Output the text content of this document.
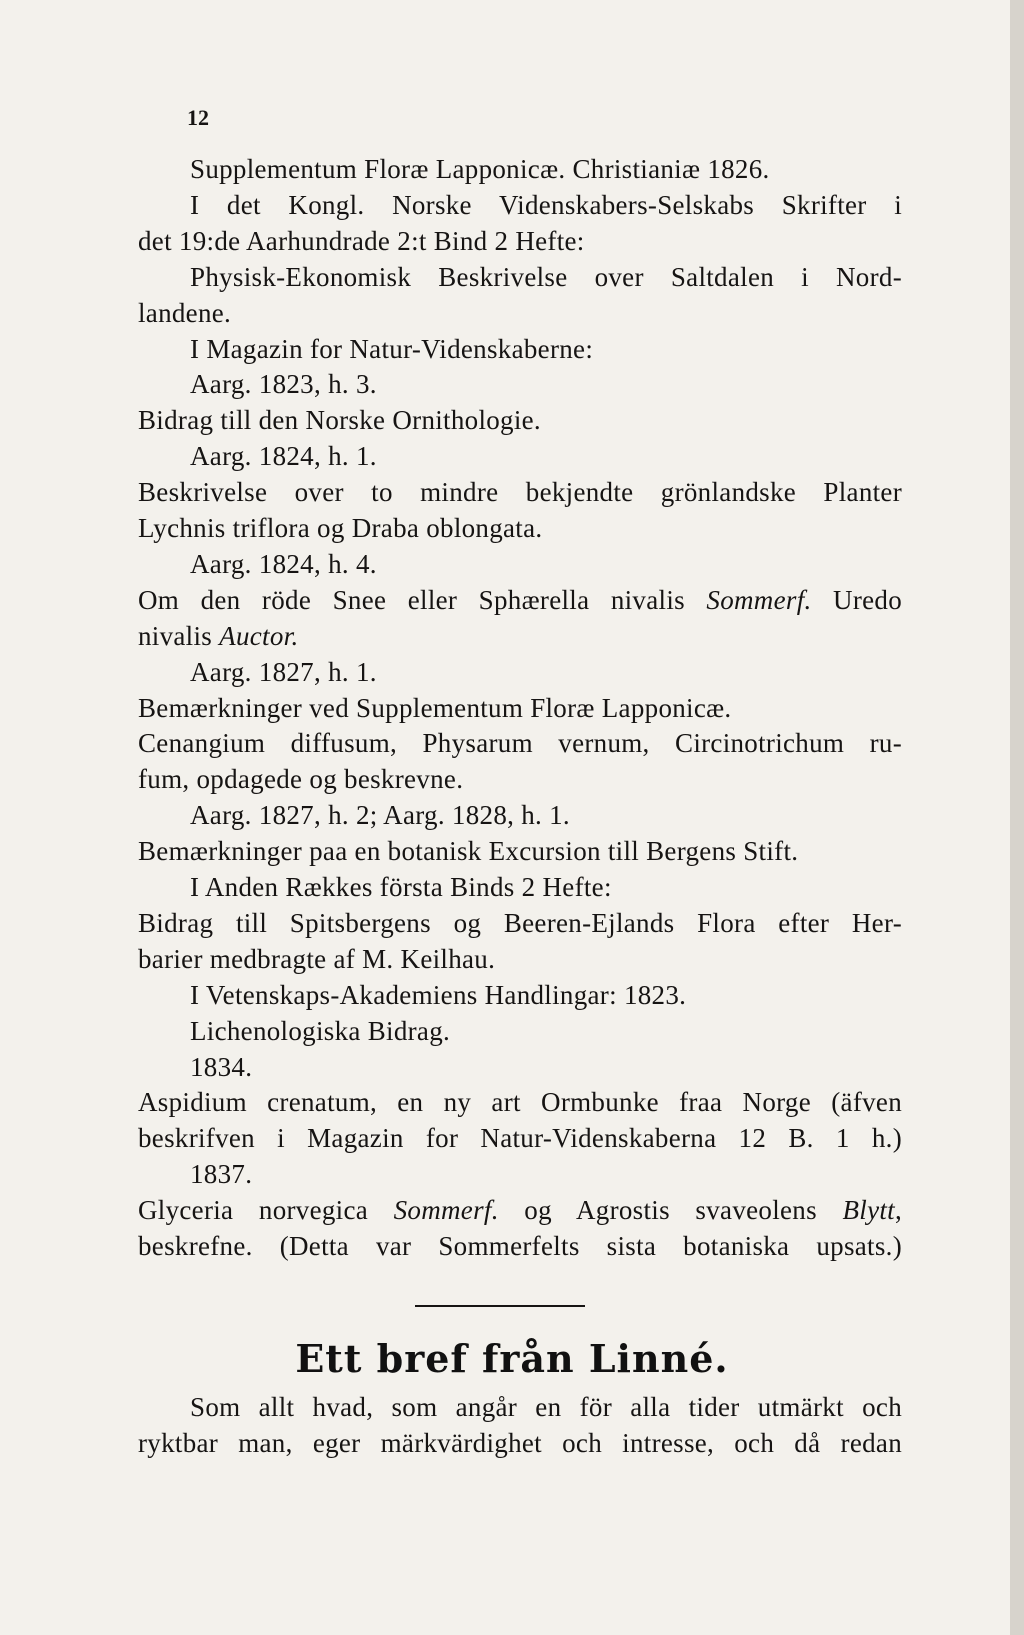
12
Supplementum Floræ Lapponicæ. Christianiæ 1826.
I det Kongl. Norske Videnskabers-Selskabs Skrifter i
det 19:de Aarhundrade 2:t Bind 2 Hefte:
Physisk-Ekonomisk Beskrivelse over Saltdalen i Nord-
landene.
I Magazin for Natur-Videnskaberne:
Aarg. 1823, h. 3.
Bidrag till den Norske Ornithologie.
Aarg. 1824, h. 1.
Beskrivelse over to mindre bekjendte grönlandske Planter
Lychnis triflora og Draba oblongata.
Aarg. 1824, h. 4.
Om den röde Snee eller Sphærella nivalis Sommerf. Uredo
nivalis Auctor.
Aarg. 1827, h. 1.
Bemærkninger ved Supplementum Floræ Lapponicæ.
Cenangium diffusum, Physarum vernum, Circinotrichum ru-
fum, opdagede og beskrevne.
Aarg. 1827, h. 2; Aarg. 1828, h. 1.
Bemærkninger paa en botanisk Excursion till Bergens Stift.
I Anden Rækkes första Binds 2 Hefte:
Bidrag till Spitsbergens og Beeren-Ejlands Flora efter Her-
barier medbragte af M. Keilhau.
I Vetenskaps-Akademiens Handlingar: 1823.
Lichenologiska Bidrag.
1834.
Aspidium crenatum, en ny art Ormbunke fraa Norge (äfven
beskrifven i Magazin for Natur-Videnskaberna 12 B. 1 h.)
1837.
Glyceria norvegica Sommerf. og Agrostis svaveolens Blytt,
beskrefne. (Detta var Sommerfelts sista botaniska upsats.)
Ett bref från Linné.
Som allt hvad, som angår en för alla tider utmärkt och
ryktbar man, eger märkvärdighet och intresse, och då redan
